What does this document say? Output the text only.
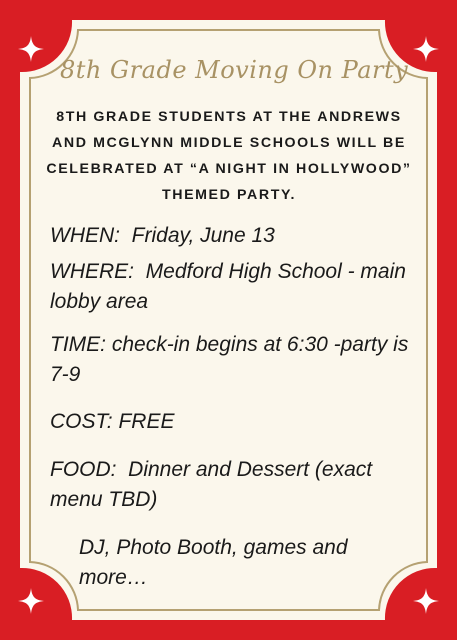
8th Grade Moving On Party
8TH GRADE STUDENTS AT THE ANDREWS AND MCGLYNN MIDDLE SCHOOLS WILL BE CELEBRATED AT “A NIGHT IN HOLLYWOOD” THEMED PARTY.
WHEN:  Friday, June 13
WHERE:  Medford High School - main lobby area
TIME: check-in begins at 6:30 -party is 7-9
COST: FREE
FOOD:  Dinner and Dessert (exact menu TBD)
DJ, Photo Booth, games and more…
